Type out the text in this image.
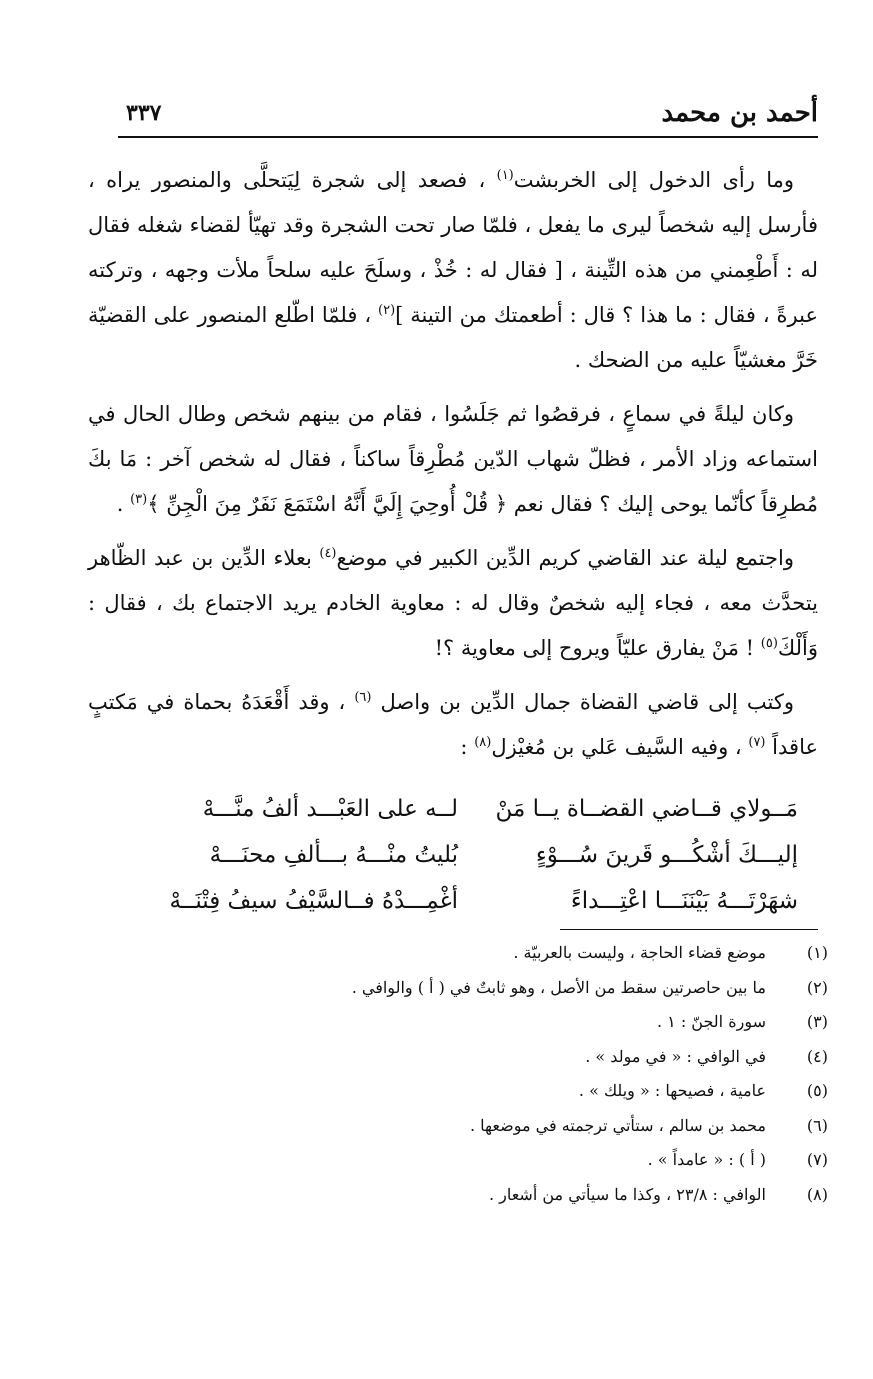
أحمد بن محمد
٣٣٧

وما رأى الدخول إلى الخربشت$^{(١)}$ ، فصعد إلى شجرة لِيَتحلَّى والمنصور يراه ، فأرسل إليه شخصاً ليرى ما يفعل ، فلمّا صار تحت الشجرة وقد تهيّأ لقضاء شغله فقال له : أَطْعِمني من هذه التِّينة ، [ فقال له : خُذْ ، وسلَحَ عليه سلحاً ملأت وجهه ، وتركته عبرةً ، فقال : ما هذا ؟ قال : أطعمتك من التينة ]$^{(٢)}$ ، فلمّا اطّلع المنصور على القضيّة خَرَّ مغشيّاً عليه من الضحك .

وكان ليلةً في سماعٍ ، فرقصُوا ثم جَلَسُوا ، فقام من بينهم شخص وطال الحال في استماعه وزاد الأمر ، فظلّ شهاب الدّين مُطْرِقاً ساكناً ، فقال له شخص آخر : مَا بكَ مُطرِقاً كأنّما يوحى إليك ؟ فقال نعم ﴿ قُلْ أُوحِيَ إِلَيَّ أَنَّهُ اسْتَمَعَ نَفَرٌ مِنَ الْجِنِّ ﴾$^{(٣)}$ .

واجتمع ليلة عند القاضي كريم الدِّين الكبير في موضع$^{(٤)}$ بعلاء الدِّين بن عبد الظّاهر يتحدَّث معه ، فجاء إليه شخصٌ وقال له : معاوية الخادم يريد الاجتماع بك ، فقال : وَأَلْكَ$^{(٥)}$ ! مَنْ يفارق عليّاً ويروح إلى معاوية ؟!

وكتب إلى قاضي القضاة جمال الدِّين بن واصل $^{(٦)}$ ، وقد أَقْعَدَهُ بحماة في مَكتبٍ عاقداً $^{(٧)}$ ، وفيه السَّيف عَلي بن مُغيْزل$^{(٨)}$ :

مَــولاي قــاضي القضــاة يــا مَنْ
لــه على العَبْـــد ألفُ منَّـــهْ
إليـــكَ أشْكُـــو قَرينَ سُـــوْءٍ
بُليتُ منْـــهُ بـــألفِ محنَـــهْ
شهَرْتَـــهُ بَيْنَنَـــا اعْتِـــداءً
أغْمِـــدْهُ فــالسَّيْفُ سيفُ فِتْنَــهْ
(١)
موضع قضاء الحاجة ، وليست بالعربيّة .
(٢)
ما بين حاصرتين سقط من الأصل ، وهو ثابتٌ في ( أ ) والوافي .
(٣)
سورة الجنّ : ١ .
(٤)
في الوافي : « في مولد » .
(٥)
عامية ، فصيحها : « ويلك » .
(٦)
محمد بن سالم ، ستأتي ترجمته في موضعها .
(٧)
( أ ) : « عامداً » .
(٨)
الوافي : ٢٣/٨ ، وكذا ما سيأتي من أشعار .
